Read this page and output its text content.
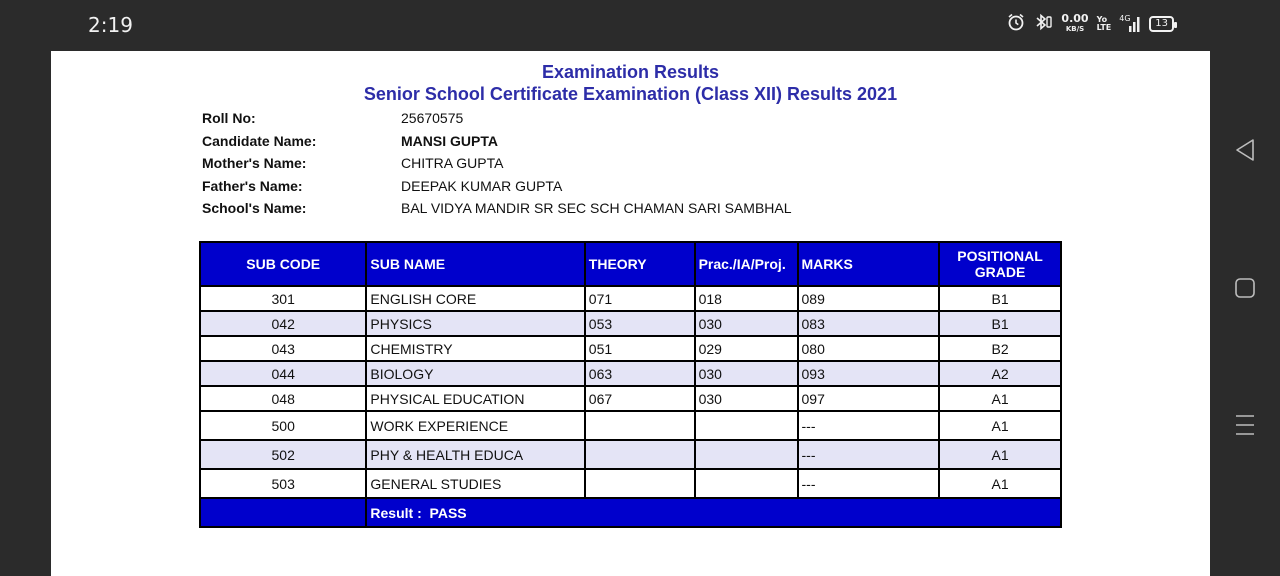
2:19	0.00
KB/S
Yo
LTE
4G	13
Examination Results
Senior School Certificate Examination (Class XII) Results 2021
Roll No:	25670575
Candidate Name:	MANSI GUPTA
Mother's Name:	CHITRA GUPTA
Father's Name:	DEEPAK KUMAR GUPTA
School's Name:	BAL VIDYA MANDIR SR SEC SCH CHAMAN SARI SAMBHAL
SUB CODE	SUB NAME	THEORY	Prac./IA/Proj.	MARKS	POSITIONAL
GRADE

301	ENGLISH CORE	071	018	089	B1
042	PHYSICS	053	030	083	B1
043	CHEMISTRY	051	029	080	B2
044	BIOLOGY	063	030	093	A2
048	PHYSICAL EDUCATION	067	030	097	A1
500	WORK EXPERIENCE			---	A1
502	PHY & HEALTH EDUCA			---	A1
503	GENERAL STUDIES			---	A1
	Result : PASS				
